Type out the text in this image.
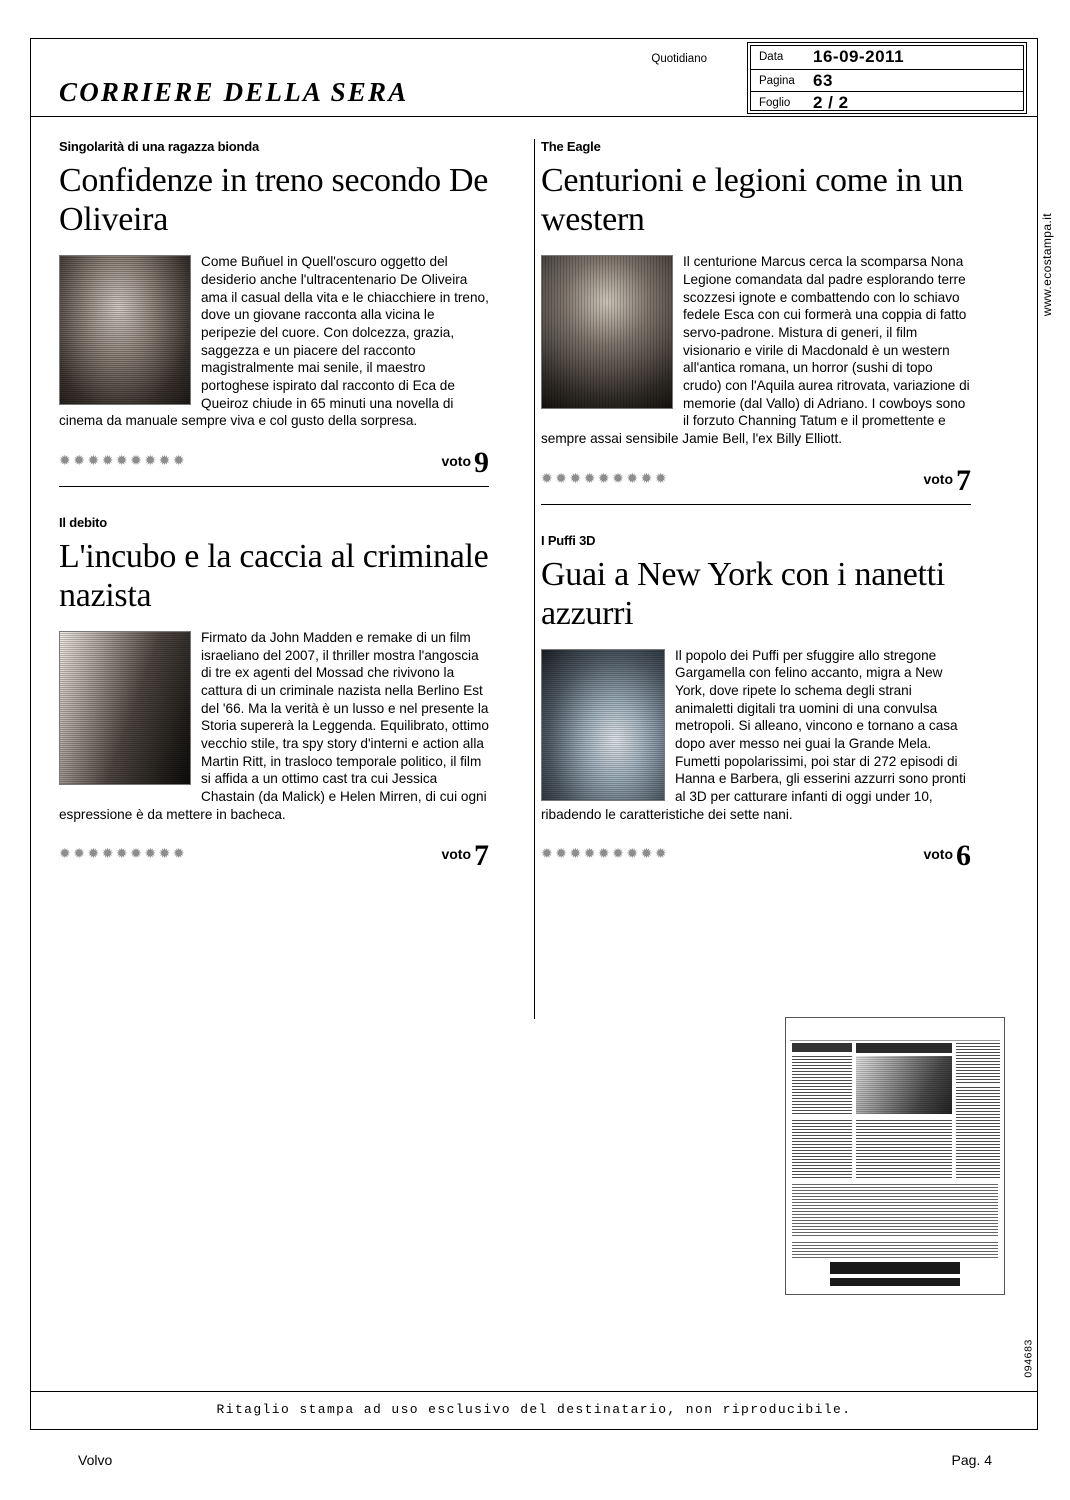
CORRIERE DELLA SERA
Quotidiano	Data 16-09-2011
Pagina 63
Foglio 2 / 2
Singolarità di una ragazza bionda
Confidenze in treno secondo De Oliveira

Come Buñuel in Quell'oscuro oggetto del desiderio anche l'ultracentenario De Oliveira ama il casual della vita e le chiacchiere in treno, dove un giovane racconta alla vicina le peripezie del cuore. Con dolcezza, grazia, saggezza e un piacere del racconto magistralmente mai senile, il maestro portoghese ispirato dal racconto di Eca de Queiroz chiude in 65 minuti una novella di cinema da manuale sempre viva e col gusto della sorpresa.

✹✹✹✹✹✹✹✹✹	voto 9
Il debito
L'incubo e la caccia al criminale nazista

Firmato da John Madden e remake di un film israeliano del 2007, il thriller mostra l'angoscia di tre ex agenti del Mossad che rivivono la cattura di un criminale nazista nella Berlino Est del '66. Ma la verità è un lusso e nel presente la Storia supererà la Leggenda. Equilibrato, ottimo vecchio stile, tra spy story d'interni e action alla Martin Ritt, in trasloco temporale politico, il film si affida a un ottimo cast tra cui Jessica Chastain (da Malick) e Helen Mirren, di cui ogni espressione è da mettere in bacheca.

✹✹✹✹✹✹✹✹✹	voto 7
The Eagle
Centurioni e legioni come in un western

Il centurione Marcus cerca la scomparsa Nona Legione comandata dal padre esplorando terre scozzesi ignote e combattendo con lo schiavo fedele Esca con cui formerà una coppia di fatto servo-padrone. Mistura di generi, il film visionario e virile di Macdonald è un western all'antica romana, un horror (sushi di topo crudo) con l'Aquila aurea ritrovata, variazione di memorie (dal Vallo) di Adriano. I cowboys sono il forzuto Channing Tatum e il promettente e sempre assai sensibile Jamie Bell, l'ex Billy Elliott.

✹✹✹✹✹✹✹✹✹	voto 7
I Puffi 3D
Guai a New York con i nanetti azzurri

Il popolo dei Puffi per sfuggire allo stregone Gargamella con felino accanto, migra a New York, dove ripete lo schema degli strani animaletti digitali tra uomini di una convulsa metropoli. Si alleano, vincono e tornano a casa dopo aver messo nei guai la Grande Mela. Fumetti popolarissimi, poi star di 272 episodi di Hanna e Barbera, gli esserini azzurri sono pronti al 3D per catturare infanti di oggi under 10, ribadendo le caratteristiche dei sette nani.

✹✹✹✹✹✹✹✹✹	voto 6
www.ecostampa.it
094683
Ritaglio stampa ad uso esclusivo del destinatario, non riproducibile.
Volvo	Pag. 4
